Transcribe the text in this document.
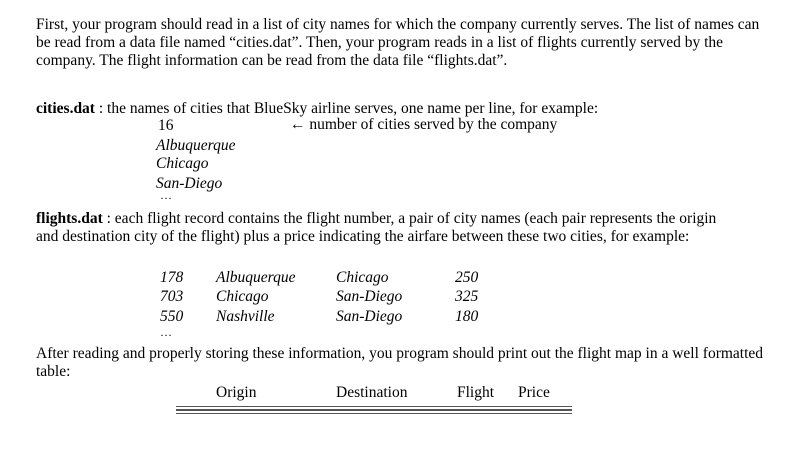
First, your program should read in a list of city names for which the company currently serves. The list of names can be read from a data file named “cities.dat”. Then, your program reads in a list of flights currently served by the company. The flight information can be read from the data file “flights.dat”.

cities.dat : the names of cities that BlueSky airline serves, one name per line, for example:

16	← number of cities served by the company
Albuquerque
Chicago
San-Diego
…

flights.dat : each flight record contains the flight number, a pair of city names (each pair represents the origin and destination city of the flight) plus a price indicating the airfare between these two cities, for example:

178 Albuquerque	Chicago	250
703 Chicago	San-Diego	325
550 Nashville	San-Diego	180
…

After reading and properly storing these information, you program should print out the flight map in a well formatted table:

Origin	Destination	Flight Price
